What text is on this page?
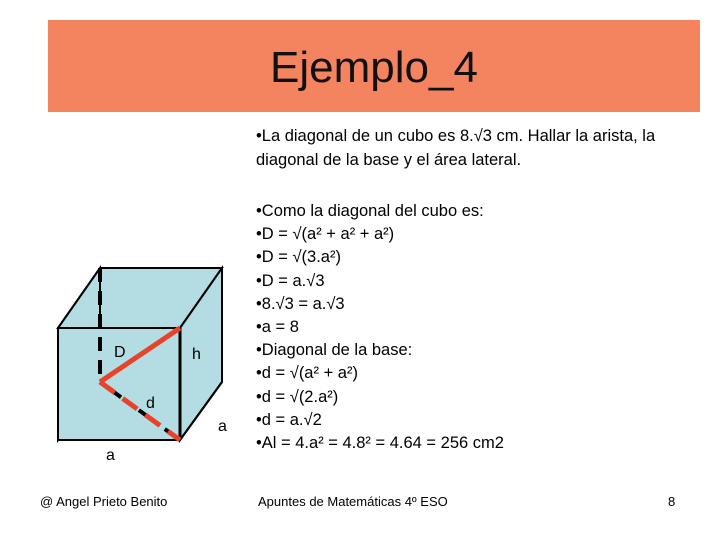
Ejemplo_4
•La diagonal de un cubo es 8.√3 cm. Hallar la arista, la diagonal de la base y el área lateral.
•Como la diagonal del cubo es:
•D = √(a² + a² + a²)
•D = √(3.a²)
•D = a.√3
•8.√3 = a.√3
•a = 8
•Diagonal de la base:
•d = √(a² + a²)
•d = √(2.a²)
•d = a.√2
•Al = 4.a² = 4.8² = 4.64 = 256 cm2
D	h
d
a
a
@ Angel Prieto Benito	Apuntes de Matemáticas 4º ESO	8
